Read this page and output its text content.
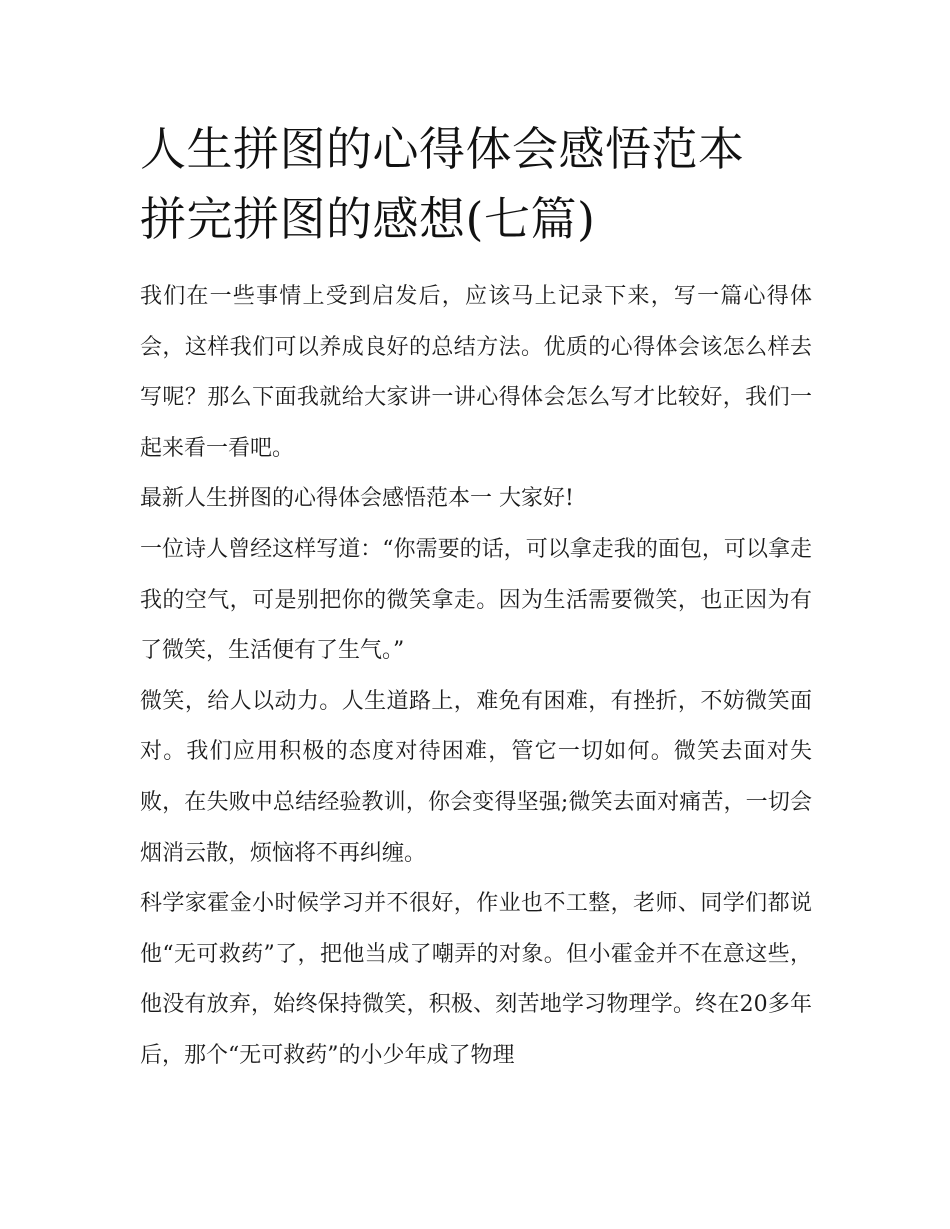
人生拼图的心得体会感悟范本
拼完拼图的感想(七篇)

我们在一些事情上受到启发后，应该马上记录下来，写一篇心得体会，这样我们可以养成良好的总结方法。优质的心得体会该怎么样去写呢？那么下面我就给大家讲一讲心得体会怎么写才比较好，我们一起来看一看吧。

最新人生拼图的心得体会感悟范本一 大家好!

一位诗人曾经这样写道：“你需要的话，可以拿走我的面包，可以拿走我的空气，可是别把你的微笑拿走。因为生活需要微笑，也正因为有了微笑，生活便有了生气。”

微笑，给人以动力。人生道路上，难免有困难，有挫折，不妨微笑面对。我们应用积极的态度对待困难，管它一切如何。微笑去面对失败，在失败中总结经验教训，你会变得坚强;微笑去面对痛苦，一切会烟消云散，烦恼将不再纠缠。

科学家霍金小时候学习并不很好，作业也不工整，老师、同学们都说他“无可救药”了，把他当成了嘲弄的对象。但小霍金并不在意这些，他没有放弃，始终保持微笑，积极、刻苦地学习物理学。终在20多年后，那个“无可救药”的小少年成了物理
